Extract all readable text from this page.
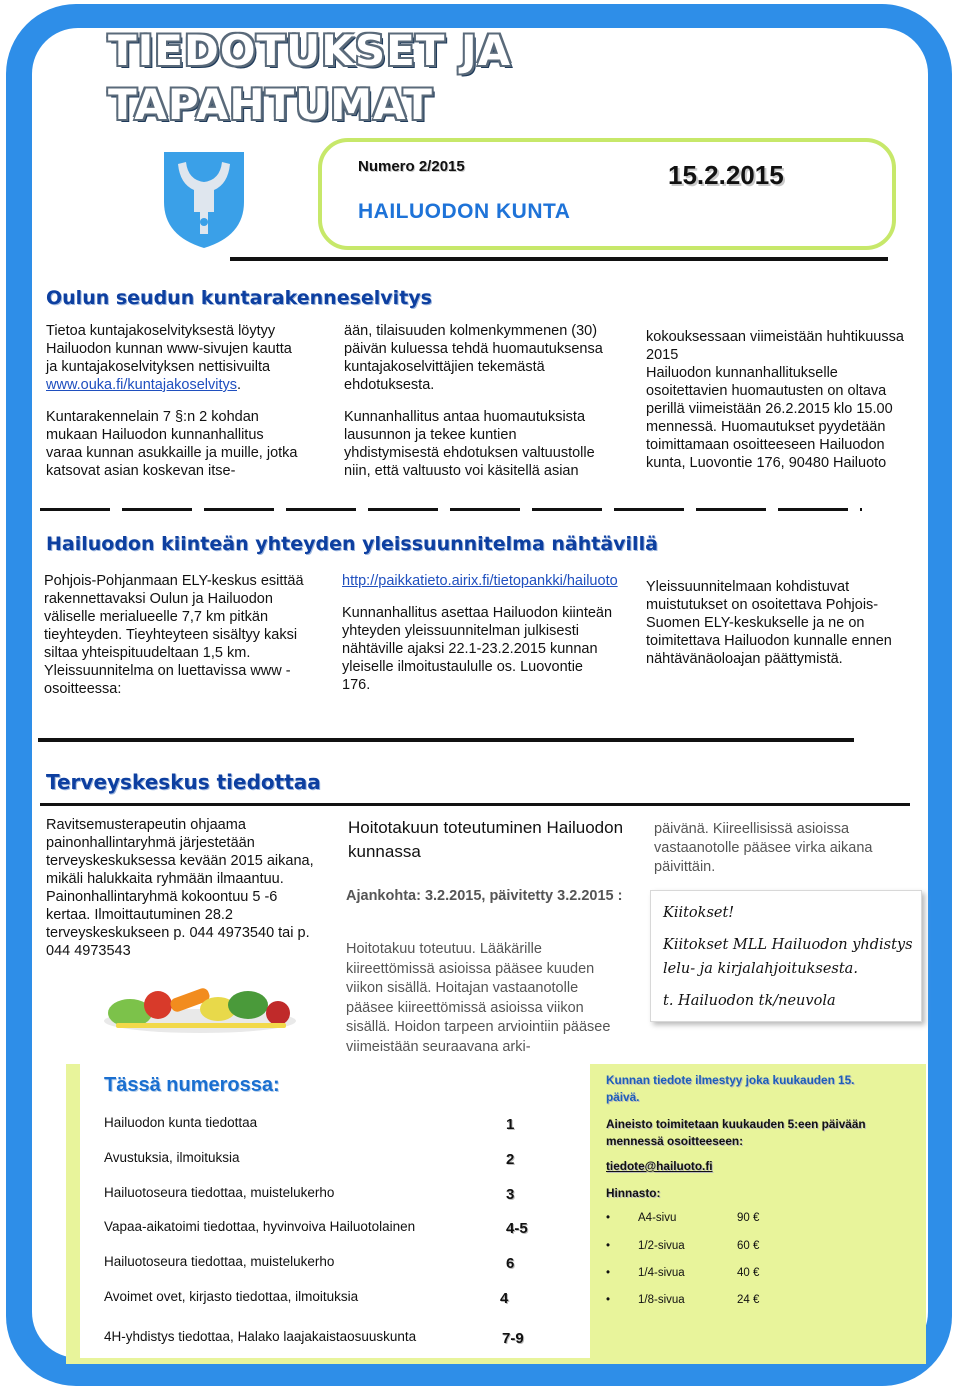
TIEDOTUKSET JA
TAPAHTUMAT
Numero 2/2015	15.2.2015
HAILUODON KUNTA
Oulun seudun kuntarakenneselvitys

Tietoa kuntajakoselvityksestä löytyy Hailuodon kunnan www-sivujen kautta ja kuntajakoselvityksen nettisivuilta www.ouka.fi/kuntajakoselvitys.

Kuntarakennelain 7 §:n 2 kohdan mukaan Hailuodon kunnanhallitus varaa kunnan asukkaille ja muille, jotka katsovat asian koskevan itse-

ään, tilaisuuden kolmenkymmenen (30) päivän kuluessa tehdä huomautuksensa kuntajakoselvittäjien tekemästä ehdotuksesta.

Kunnanhallitus antaa huomautuksista lausunnon ja tekee kuntien yhdistymisestä ehdotuksen valtuustolle niin, että valtuusto voi käsitellä asian

kokouksessaan viimeistään huhtikuussa 2015
Hailuodon kunnanhallitukselle osoitettavien huomautusten on oltava perillä viimeistään 26.2.2015 klo 15.00 mennessä. Huomautukset pyydetään toimittamaan osoitteeseen Hailuodon kunta, Luovontie 176, 90480 Hailuoto
Hailuodon kiinteän yhteyden yleissuunnitelma nähtävillä
Pohjois-Pohjanmaan ELY-keskus esittää rakennettavaksi Oulun ja Hailuodon väliselle merialueelle 7,7 km pitkän tieyhteyden. Tieyhteyteen sisältyy kaksi siltaa yhteispituudeltaan 1,5 km. Yleissuunnitelma on luettavissa www -osoitteessa:

http://paikkatieto.airix.fi/tietopankki/hailuoto

Kunnanhallitus asettaa Hailuodon kiinteän yhteyden yleissuunnitelman julkisesti nähtäville ajaksi 22.1-23.2.2015 kunnan yleiselle ilmoitustaululle os. Luovontie 176.

Yleissuunnitelmaan kohdistuvat muistutukset on osoitettava Pohjois-Suomen ELY-keskukselle ja ne on toimitettava Hailuodon kunnalle ennen nähtävänäoloajan päättymistä.
Terveyskeskus tiedottaa
Ravitsemusterapeutin ohjaama painonhallintaryhmä järjestetään terveyskeskuksessa kevään 2015 aikana, mikäli halukkaita ryhmään ilmaantuu. Painonhallintaryhmä kokoontuu 5 -6 kertaa. Ilmoittautuminen 28.2 terveyskeskukseen p. 044 4973540 tai p. 044 4973543
Hoitotakuun toteutuminen Hailuodon kunnassa
Ajankohta: 3.2.2015, päivitetty 3.2.2015 :
Hoitotakuu toteutuu. Lääkärille kiireettömissä asioissa pääsee kuuden viikon sisällä. Hoitajan vastaanotolle pääsee kiireettömissä asioissa viikon sisällä. Hoidon tarpeen arviointiin pääsee viimeistään seuraavana arki-
päivänä. Kiireellisissä asioissa vastaanotolle pääsee virka aikana päivittäin.
Kiitokset!
Kiitokset MLL Hailuodon yhdistys lelu- ja kirjalahjoituksesta.
t. Hailuodon tk/neuvola
Tässä numerossa:
Hailuodon kunta tiedottaa	1
Avustuksia, ilmoituksia	2
Hailuotoseura tiedottaa, muistelukerho	3
Vapaa-aikatoimi tiedottaa, hyvinvoiva Hailuotolainen	4-5
Hailuotoseura tiedottaa, muistelukerho	6
Avoimet ovet, kirjasto tiedottaa, ilmoituksia	4
4H-yhdistys tiedottaa, Halako laajakaistaosuuskunta	7-9
Kunnan tiedote ilmestyy joka kuukauden 15. päivä.
Aineisto toimitetaan kuukauden 5:een päivään mennessä osoitteeseen:
tiedote@hailuoto.fi
Hinnasto:
• A4-sivu	90 €
• 1/2-sivua	60 €
• 1/4-sivua	40 €
• 1/8-sivua	24 €
